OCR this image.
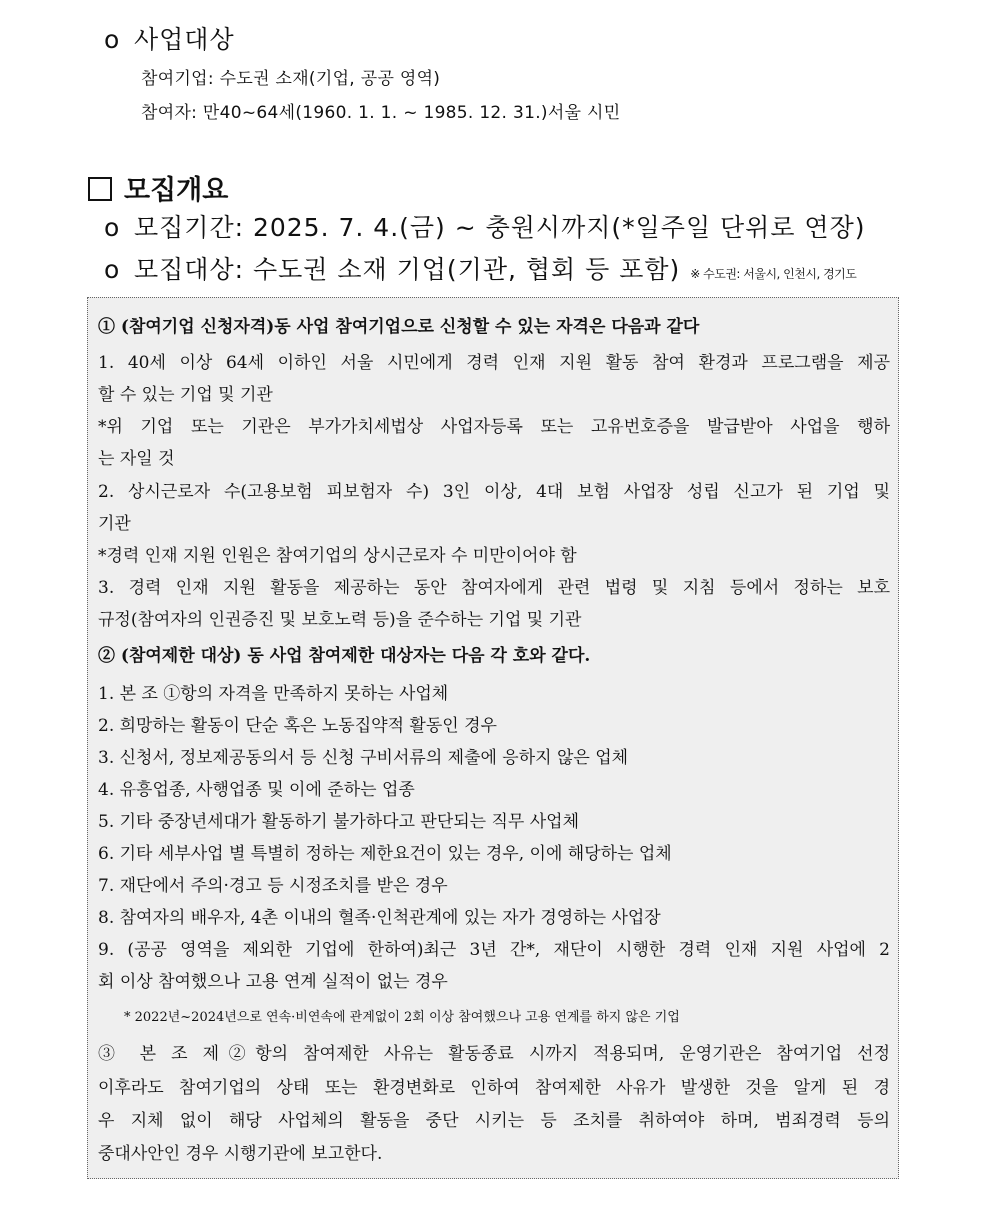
o 사업대상
참여기업: 수도권 소재(기업, 공공 영역)
참여자: 만40~64세(1960. 1. 1. ~ 1985. 12. 31.)서울 시민
모집개요
o 모집기간: 2025. 7. 4.(금) ~ 충원시까지(*일주일 단위로 연장)
o 모집대상: 수도권 소재 기업(기관, 협회 등 포함) ※ 수도권: 서울시, 인천시, 경기도
① (참여기업 신청자격)동 사업 참여기업으로 신청할 수 있는 자격은 다음과 같다
1. 40세 이상 64세 이하인 서울 시민에게 경력 인재 지원 활동 참여 환경과 프로그램을 제공
할 수 있는 기업 및 기관
*위 기업 또는 기관은 부가가치세법상 사업자등록 또는 고유번호증을 발급받아 사업을 행하
는 자일 것
2. 상시근로자 수(고용보험 피보험자 수) 3인 이상, 4대 보험 사업장 성립 신고가 된 기업 및
기관
*경력 인재 지원 인원은 참여기업의 상시근로자 수 미만이어야 함
3. 경력 인재 지원 활동을 제공하는 동안 참여자에게 관련 법령 및 지침 등에서 정하는 보호
규정(참여자의 인권증진 및 보호노력 등)을 준수하는 기업 및 기관
② (참여제한 대상) 동 사업 참여제한 대상자는 다음 각 호와 같다.
1. 본 조 ①항의 자격을 만족하지 못하는 사업체
2. 희망하는 활동이 단순 혹은 노동집약적 활동인 경우
3. 신청서, 정보제공동의서 등 신청 구비서류의 제출에 응하지 않은 업체
4. 유흥업종, 사행업종 및 이에 준하는 업종
5. 기타 중장년세대가 활동하기 불가하다고 판단되는 직무 사업체
6. 기타 세부사업 별 특별히 정하는 제한요건이 있는 경우, 이에 해당하는 업체
7. 재단에서 주의·경고 등 시정조치를 받은 경우
8. 참여자의 배우자, 4촌 이내의 혈족·인척관계에 있는 자가 경영하는 사업장
9. (공공 영역을 제외한 기업에 한하여)최근 3년 간*, 재단이 시행한 경력 인재 지원 사업에 2
회 이상 참여했으나 고용 연계 실적이 없는 경우
* 2022년~2024년으로 연속·비연속에 관계없이 2회 이상 참여했으나 고용 연계를 하지 않은 기업
③ 본 조 제②항의 참여제한 사유는 활동종료 시까지 적용되며, 운영기관은 참여기업 선정
이후라도 참여기업의 상태 또는 환경변화로 인하여 참여제한 사유가 발생한 것을 알게 된 경
우 지체 없이 해당 사업체의 활동을 중단 시키는 등 조치를 취하여야 하며, 범죄경력 등의
중대사안인 경우 시행기관에 보고한다.
